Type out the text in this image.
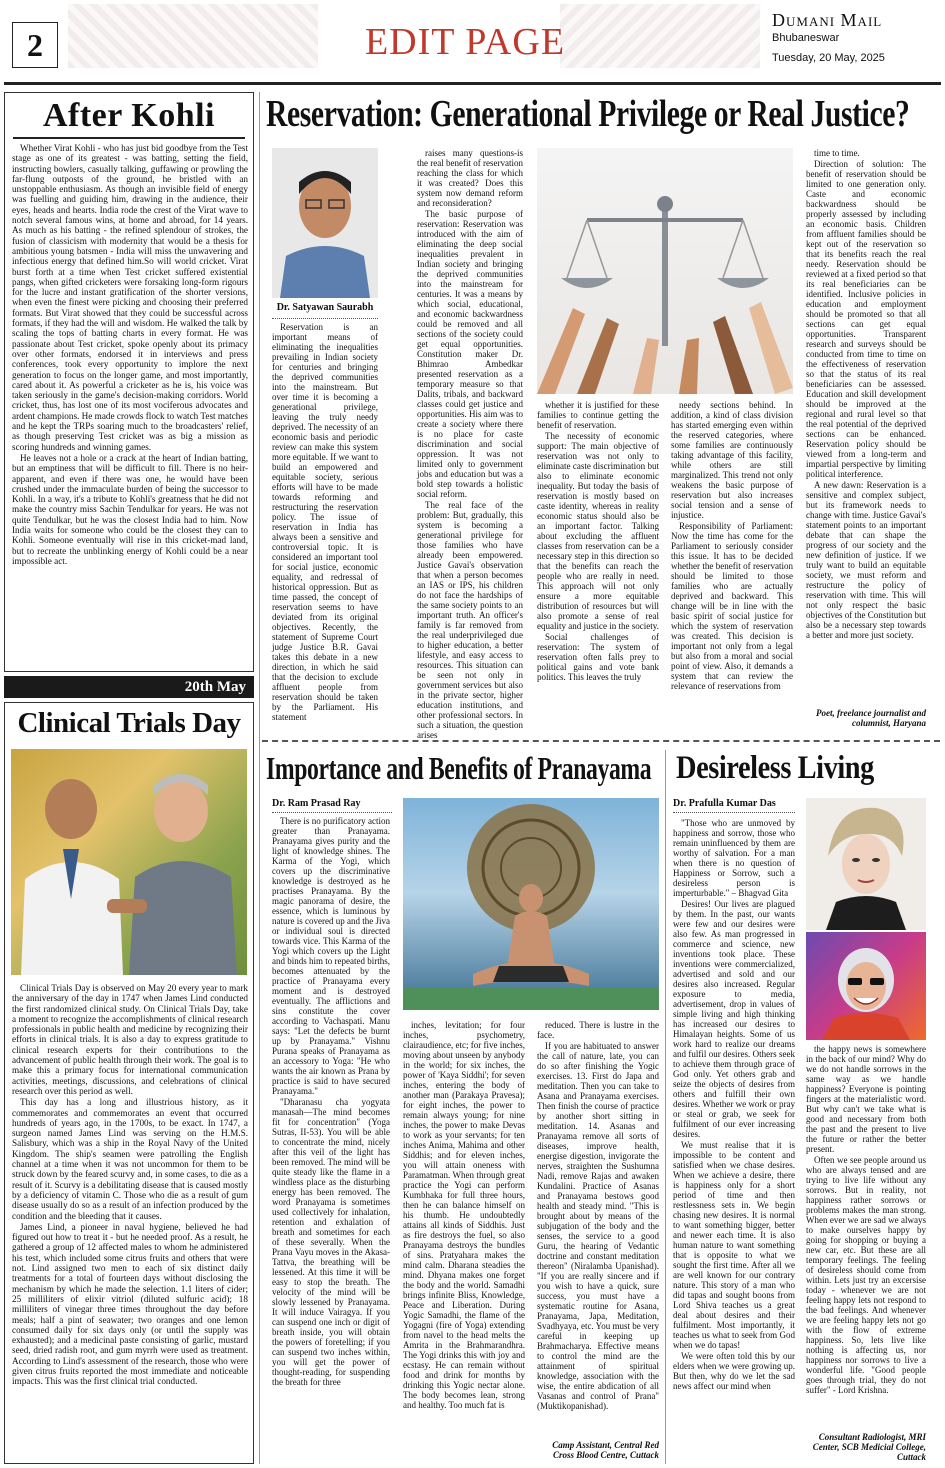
2	EDIT PAGE
Dumani Mail
Bhubaneswar
Tuesday, 20 May, 2025
After Kohli

Whether Virat Kohli - who has just bid goodbye from the Test stage as one of its greatest - was batting, setting the field, instructing bowlers, casually talking, guffawing or prowling the far-flung outposts of the ground, he bristled with an unstoppable enthusiasm. As though an invisible field of energy was fuelling and guiding him, drawing in the audience, their eyes, heads and hearts. India rode the crest of the Virat wave to notch several famous wins, at home and abroad, for 14 years. As much as his batting - the refined splendour of strokes, the fusion of classicism with modernity that would be a thesis for ambitious young batsmen - India will miss the unwavering and infectious energy that defined him.So will world cricket. Virat burst forth at a time when Test cricket suffered existential pangs, when gifted cricketers were forsaking long-form rigours for the lucre and instant gratification of the shorter versions, when even the finest were picking and choosing their preferred formats. But Virat showed that they could be successful across formats, if they had the will and wisdom. He walked the talk by scaling the tops of batting charts in every format. He was passionate about Test cricket, spoke openly about its primacy over other formats, endorsed it in interviews and press conferences, took every opportunity to implore the next generation to focus on the longer game, and most importantly, cared about it. As powerful a cricketer as he is, his voice was taken seriously in the game's decision-making corridors. World cricket, thus, has lost one of its most vociferous advocates and ardent champions. He made crowds flock to watch Test matches and he kept the TRPs soaring much to the broadcasters' relief, as though preserving Test cricket was as big a mission as scoring hundreds and winning games.

He leaves not a hole or a crack at the heart of Indian batting, but an emptiness that will be difficult to fill. There is no heir-apparent, and even if there was one, he would have been crushed under the immaculate burden of being the successor to Kohli. In a way, it's a tribute to Kohli's greatness that he did not make the country miss Sachin Tendulkar for years. He was not quite Tendulkar, but he was the closest India had to him. Now India waits for someone who could be the closest they can to Kohli. Someone eventually will rise in this cricket-mad land, but to recreate the unblinking energy of Kohli could be a near impossible act.

20th May
Clinical Trials Day

Clinical Trials Day is observed on May 20 every year to mark the anniversary of the day in 1747 when James Lind conducted the first randomized clinical study. On Clinical Trials Day, take a moment to recognize the accomplishments of clinical research professionals in public health and medicine by recognizing their efforts in clinical trials. It is also a day to express gratitude to clinical research experts for their contributions to the advancement of public health through their work. The goal is to make this a primary focus for international communication activities, meetings, discussions, and celebrations of clinical research over this period as well.

This day has a long and illustrious history, as it commemorates and commemorates an event that occurred hundreds of years ago, in the 1700s, to be exact. In 1747, a surgeon named James Lind was serving on the H.M.S. Salisbury, which was a ship in the Royal Navy of the United Kingdom. The ship's seamen were patrolling the English channel at a time when it was not uncommon for them to be struck down by the feared scurvy and, in some cases, to die as a result of it. Scurvy is a debilitating disease that is caused mostly by a deficiency of vitamin C. Those who die as a result of gum disease usually do so as a result of an infection produced by the condition and the bleeding that it causes.

James Lind, a pioneer in naval hygiene, believed he had figured out how to treat it - but he needed proof. As a result, he gathered a group of 12 affected males to whom he administered his test, which included some citrus fruits and others that were not. Lind assigned two men to each of six distinct daily treatments for a total of fourteen days without disclosing the mechanism by which he made the selection. 1.1 liters of cider; 25 milliliters of elixir vitriol (diluted sulfuric acid); 18 milliliters of vinegar three times throughout the day before meals; half a pint of seawater; two oranges and one lemon consumed daily for six days only (or until the supply was exhausted); and a medicinal paste consisting of garlic, mustard seed, dried radish root, and gum myrrh were used as treatment. According to Lind's assessment of the research, those who were given citrus fruits reported the most immediate and noticeable impacts. This was the first clinical trial conducted.

Reservation: Generational Privilege or Real Justice?
Dr. Satyawan Saurabh

Reservation is an important means of eliminating the inequalities prevailing in Indian society for centuries and bringing the deprived communities into the mainstream. But over time it is becoming a generational privilege, leaving the truly needy deprived. The necessity of an economic basis and periodic review can make this system more equitable. If we want to build an empowered and equitable society, serious efforts will have to be made towards reforming and restructuring the reservation policy. The issue of reservation in India has always been a sensitive and controversial topic. It is considered an important tool for social justice, economic equality, and redressal of historical oppression. But as time passed, the concept of reservation seems to have deviated from its original objectives. Recently, the statement of Supreme Court judge Justice B.R. Gavai takes this debate in a new direction, in which he said that the decision to exclude affluent people from reservation should be taken by the Parliament. His statement

raises many questions-is the real benefit of reservation reaching the class for which it was created? Does this system now demand reform and reconsideration?

The basic purpose of reservation: Reservation was introduced with the aim of eliminating the deep social inequalities prevalent in Indian society and bringing the deprived communities into the mainstream for centuries. It was a means by which social, educational, and economic backwardness could be removed and all sections of the society could get equal opportunities. Constitution maker Dr. Bhimrao Ambedkar presented reservation as a temporary measure so that Dalits, tribals, and backward classes could get justice and opportunities. His aim was to create a society where there is no place for caste discrimination and social oppression. It was not limited only to government jobs and education but was a bold step towards a holistic social reform.

The real face of the problem: But, gradually, this system is becoming a generational privilege for those families who have already been empowered. Justice Gavai's observation that when a person becomes an IAS or IPS, his children do not face the hardships of the same society points to an important truth. An officer's family is far removed from the real underprivileged due to higher education, a better lifestyle, and easy access to resources. This situation can be seen not only in government services but also in the private sector, higher education institutions, and other professional sectors. In such a situation, the question arises

whether it is justified for these families to continue getting the benefit of reservation.

The necessity of economic support: The main objective of reservation was not only to eliminate caste discrimination but also to eliminate economic inequality. But today the basis of reservation is mostly based on caste identity, whereas in reality economic status should also be an important factor. Talking about excluding the affluent classes from reservation can be a necessary step in this direction so that the benefits can reach the people who are really in need. This approach will not only ensure a more equitable distribution of resources but will also promote a sense of real equality and justice in the society.

Social challenges of reservation: The system of reservation often falls prey to political gains and vote bank politics. This leaves the truly

needy sections behind. In addition, a kind of class division has started emerging even within the reserved categories, where some families are continuously taking advantage of this facility, while others are still marginalized. This trend not only weakens the basic purpose of reservation but also increases social tension and a sense of injustice.

Responsibility of Parliament: Now the time has come for the Parliament to seriously consider this issue. It has to be decided whether the benefit of reservation should be limited to those families who are actually deprived and backward. This change will be in line with the basic spirit of social justice for which the system of reservation was created. This decision is important not only from a legal but also from a moral and social point of view. Also, it demands a system that can review the relevance of reservations from

time to time.

Direction of solution: The benefit of reservation should be limited to one generation only. Caste and economic backwardness should be properly assessed by including an economic basis. Children from affluent families should be kept out of the reservation so that its benefits reach the real needy. Reservation should be reviewed at a fixed period so that its real beneficiaries can be identified. Inclusive policies in education and employment should be promoted so that all sections can get equal opportunities. Transparent research and surveys should be conducted from time to time on the effectiveness of reservation so that the status of its real beneficiaries can be assessed. Education and skill development should be improved at the regional and rural level so that the real potential of the deprived sections can be enhanced. Reservation policy should be viewed from a long-term and impartial perspective by limiting political interference.

A new dawn: Reservation is a sensitive and complex subject, but its framework needs to change with time. Justice Gavai's statement points to an important debate that can shape the progress of our society and the new definition of justice. If we truly want to build an equitable society, we must reform and restructure the policy of reservation with time. This will not only respect the basic objectives of the Constitution but also be a necessary step towards a better and more just society.

Poet, freelance journalist and columnist, Haryana
Importance and Benefits of Pranayama
Dr. Ram Prasad Ray

There is no purificatory action greater than Pranayama. Pranayama gives purity and the light of knowledge shines. The Karma of the Yogi, which covers up the discriminative knowledge is destroyed as he practises Pranayama. By the magic panorama of desire, the essence, which is luminous by nature is covered up and the Jiva or individual soul is directed towards vice. This Karma of the Yogi which covers up the Light and binds him to repeated births, becomes attenuated by the practice of Pranayama every moment and is destroyed eventually. The afflictions and sins constitute the cover according to Vachaspati. Manu says: "Let the defects be burnt up by Pranayama." Vishnu Purana speaks of Pranayama as an accessory to Yoga: "He who wants the air known as Prana by practice is said to have secured Pranayama."

"Dharanasu cha yogyata manasah—The mind becomes fit for concentration" (Yoga Sutras, II-53). You will be able to concentrate the mind, nicely after this veil of the light has been removed. The mind will be quite steady like the flame in a windless place as the disturbing energy has been removed. The word Pranayama is sometimes used collectively for inhalation, retention and exhalation of breath and sometimes for each of these severally. When the Prana Vayu moves in the Akasa-Tattva, the breathing will be lessened. At this time it will be easy to stop the breath. The velocity of the mind will be slowly lessened by Pranayama. It will induce Vairagya. If you can suspend one inch or digit of breath inside, you will obtain the powers of foretelling; if you can suspend two inches within, you will get the power of thought-reading, for suspending the breath for three

inches, levitation; for four inches, psychometry, clairaudience, etc; for five inches, moving about unseen by anybody in the world; for six inches, the power of 'Kaya Siddhi'; for seven inches, entering the body of another man (Parakaya Pravesa); for eight inches, the power to remain always young; for nine inches, the power to make Devas to work as your servants; for ten inches Anima, Mahima and other Siddhis; and for eleven inches, you will attain oneness with Paramatman. When through great practice the Yogi can perform Kumbhaka for full three hours, then he can balance himself on his thumb. He undoubtedly attains all kinds of Siddhis. Just as fire destroys the fuel, so also Pranayama destroys the bundles of sins. Pratyahara makes the mind calm. Dharana steadies the mind. Dhyana makes one forget the body and the world. Samadhi brings infinite Bliss, Knowledge, Peace and Liberation. During Yogic Samadhi, the flame of the Yogagni (fire of Yoga) extending from navel to the head melts the Amrita in the Brahmarandhra. The Yogi drinks this with joy and ecstasy. He can remain without food and drink for months by drinking this Yogic nectar alone. The body becomes lean, strong and healthy. Too much fat is

reduced. There is lustre in the face.

If you are habituated to answer the call of nature, late, you can do so after finishing the Yogic exercises. 13. First do Japa and meditation. Then you can take to Asana and Pranayama exercises. Then finish the course of practice by another short sitting in meditation. 14. Asanas and Pranayama remove all sorts of diseases, improve health, energise digestion, invigorate the nerves, straighten the Sushumna Nadi, remove Rajas and awaken Kundalini. Practice of Asanas and Pranayama bestows good health and steady mind. "This is brought about by means of the subjugation of the body and the senses, the service to a good Guru, the hearing of Vedantic doctrine and constant meditation thereon" (Niralamba Upanishad). "If you are really sincere and if you wish to have a quick, sure success, you must have a systematic routine for Asana, Pranayama, Japa, Meditation, Svadhyaya, etc. You must be very careful in keeping up Brahmacharya. Effective means to control the mind are the attainment of spiritual knowledge, association with the wise, the entire abdication of all Vasanas and control of Prana" (Muktikopanishad).

Camp Assistant, Central Red Cross Blood Centre, Cuttack
Desireless Living
Dr. Prafulla Kumar Das

"Those who are unmoved by happiness and sorrow, those who remain uninfluenced by them are worthy of salvation. For a man when there is no question of Happiness or Sorrow, such a desireless person is imperturbable." – Bhagvad Gita

Desires! Our lives are plagued by them. In the past, our wants were few and our desires were also few. As man progressed in commerce and science, new inventions took place. These inventions were commercialized, advertised and sold and our desires also increased. Regular exposure to media, advertisement, drop in values of simple living and high thinking has increased our desires to Himalayan heights. Some of us work hard to realize our dreams and fulfil our desires. Others seek to achieve them through grace of God only. Yet others grab and seize the objects of desires from others and fulfill their own desires. Whether we work or pray or steal or grab, we seek for fulfilment of our ever increasing desires.

We must realise that it is impossible to be content and satisfied when we chase desires. When we achieve a desire, there is happiness only for a short period of time and then restlessness sets in. We begin chasing new desires. It is normal to want something bigger, better and newer each time. It is also human nature to want something that is opposite to what we sought the first time. After all we are well known for our contrary nature. This story of a man who did tapas and sought boons from Lord Shiva teaches us a great deal about desires and their fulfilment. Most importantly, it teaches us what to seek from God when we do tapas!

We were often told this by our elders when we were growing up. But then, why do we let the sad news affect our mind when

the happy news is somewhere in the back of our mind? Why do we do not handle sorrows in the same way as we handle happiness? Everyone is pointing fingers at the materialistic word. But why can't we take what is good and necessary from both the past and the present to live the future or rather the better present.

Often we see people around us who are always tensed and are trying to live life without any sorrows. But in reality, not happiness rather sorrows or problems makes the man strong. When ever we are sad we always to make ourselves happy by going for shopping or buying a new car, etc. But these are all temporary feelings. The feeling of desireless should come from within. Lets just try an excersise today - whenever we are not feeling happy lets not respond to the bad feelings. And whenever we are feeling happy lets not go with the flow of extreme happiness. So, lets live like nothing is affecting us, nor happiness nor sorrows to live a wonderful life. "Good people goes through trial, they do not suffer" - Lord Krishna.

Consultant Radiologist, MRI Center, SCB Medicial College, Cuttack
